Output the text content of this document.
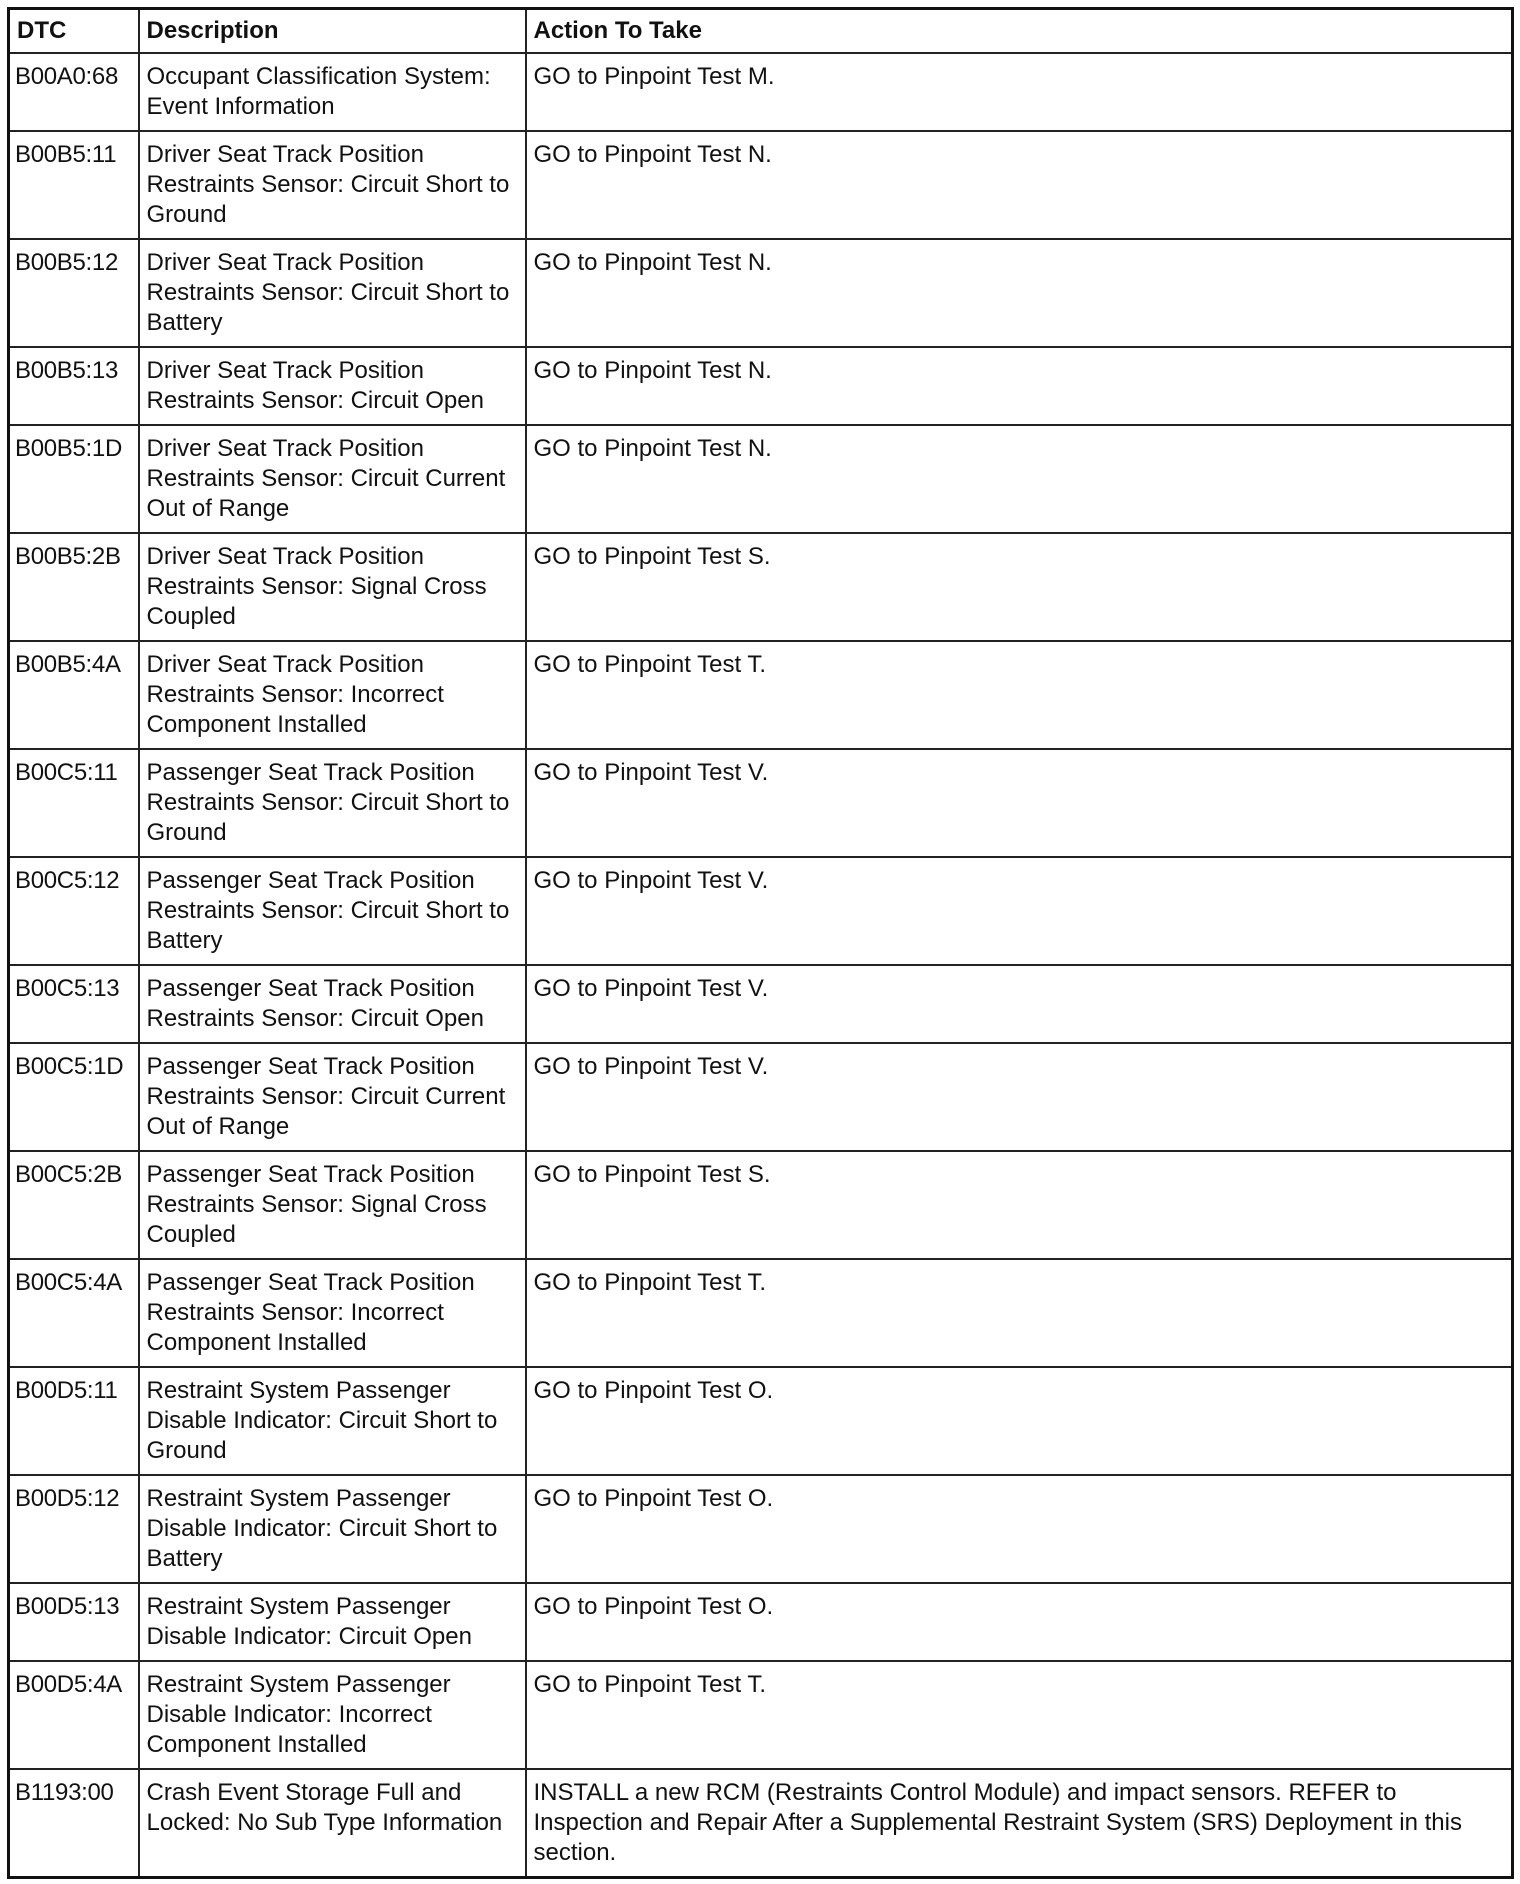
DTC	Description	Action To Take
B00A0:68	Occupant Classification System: Event Information	GO to Pinpoint Test M.
B00B5:11	Driver Seat Track Position Restraints Sensor: Circuit Short to Ground	GO to Pinpoint Test N.
B00B5:12	Driver Seat Track Position Restraints Sensor: Circuit Short to Battery	GO to Pinpoint Test N.
B00B5:13	Driver Seat Track Position Restraints Sensor: Circuit Open	GO to Pinpoint Test N.
B00B5:1D	Driver Seat Track Position Restraints Sensor: Circuit Current Out of Range	GO to Pinpoint Test N.
B00B5:2B	Driver Seat Track Position Restraints Sensor: Signal Cross Coupled	GO to Pinpoint Test S.
B00B5:4A	Driver Seat Track Position Restraints Sensor: Incorrect Component Installed	GO to Pinpoint Test T.
B00C5:11	Passenger Seat Track Position Restraints Sensor: Circuit Short to Ground	GO to Pinpoint Test V.
B00C5:12	Passenger Seat Track Position Restraints Sensor: Circuit Short to Battery	GO to Pinpoint Test V.
B00C5:13	Passenger Seat Track Position Restraints Sensor: Circuit Open	GO to Pinpoint Test V.
B00C5:1D	Passenger Seat Track Position Restraints Sensor: Circuit Current Out of Range	GO to Pinpoint Test V.
B00C5:2B	Passenger Seat Track Position Restraints Sensor: Signal Cross Coupled	GO to Pinpoint Test S.
B00C5:4A	Passenger Seat Track Position Restraints Sensor: Incorrect Component Installed	GO to Pinpoint Test T.
B00D5:11	Restraint System Passenger Disable Indicator: Circuit Short to Ground	GO to Pinpoint Test O.
B00D5:12	Restraint System Passenger Disable Indicator: Circuit Short to Battery	GO to Pinpoint Test O.
B00D5:13	Restraint System Passenger Disable Indicator: Circuit Open	GO to Pinpoint Test O.
B00D5:4A	Restraint System Passenger Disable Indicator: Incorrect Component Installed	GO to Pinpoint Test T.
B1193:00	Crash Event Storage Full and Locked: No Sub Type Information	INSTALL a new RCM (Restraints Control Module) and impact sensors. REFER to Inspection and Repair After a Supplemental Restraint System (SRS) Deployment in this section.
